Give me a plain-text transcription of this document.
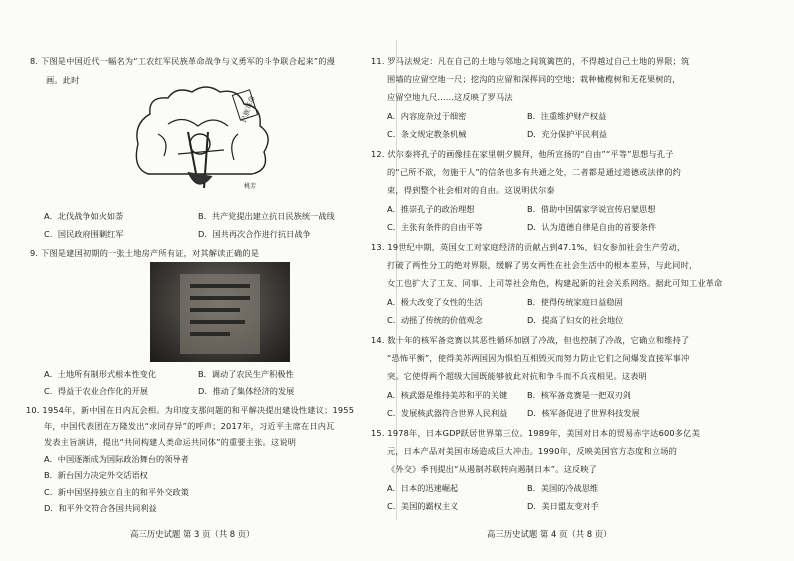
8. 下图是中国近代一幅名为“工农红军民族革命战争与义勇军的斗争联合起来”的漫
画。此时
民族革命
桃芳
A．北伐战争如火如荼	B．共产党提出建立抗日民族统一战线
C．国民政府围剿红军	D．国共再次合作进行抗日战争
9. 下图是建国初期的一张土地房产所有证，对其解读正确的是
A．土地所有制形式根本性变化	B．调动了农民生产积极性
C．得益于农业合作化的开展	D．推动了集体经济的发展
10. 1954年，新中国在日内瓦会相。为印度支那问题的和平解决提出建设性建议；1955
年，中国代表团在万隆发出“求同存异”的呼声；2017年，习近平主席在日内瓦
发表主旨演讲，提出“共同构建人类命运共同体”的重要主张。这说明
A．中国逐渐成为国际政治舞台的领导者
B．新台国力决定外交话语权
C．新中国坚持独立自主的和平外交政策
D．和平外交符合各国共同利益
高三历史试题 第 3 页（共 8 页）
11. 罗马法规定：凡在自己的土地与邻地之间筑篱笆的，不得越过自己土地的界限；筑
围墙的应留空地一尺；挖沟的应留和深挥同的空地；栽种橄榄树和无花果树的，
应留空地九尺……这反映了罗马法
A．内容庞杂过于细密	B．注重维护财产权益
C．条文规定教条机械	D．充分保护平民利益
12. 伏尔泰将孔子的画像挂在家里朝夕膜拜，他所宣扬的“自由”“平等”思想与孔子
的“己所不欲，勿施于人”的信条也多有共通之处，二者都是通过道德或法律的约
束，得到整个社会相对的自由。这说明伏尔泰
A．推崇孔子的政治理想	B．借助中国儒家学说宣传启蒙思想
C．主张有条件的自由平等	D．认为道德自律是自由的首要条件
13. 19世纪中期，英国女工对家庭经济的贡献占到47.1%，妇女参加社会生产劳动，
打破了两性分工的绝对界限，缓解了男女两性在社会生活中的根本差异，与此同时，
女工也扩大了工友、同事、上司等社会角色，构建起新的社会关系网络。据此可知工业革命
A．极大改变了女性的生活	B．使得传统家庭日益稳固
C．动摇了传统的价值观念	D．提高了妇女的社会地位
14. 数十年的核军备竞赛以其恶性循环加剧了冷战，但也控制了冷战，它确立和维持了
“恐怖平衡”，使得美苏两国因为惧怕互相毁灭而努力防止它们之间爆发直接军事冲
突。它使得两个超级大国既能够彼此对抗和争斗而不兵戎相见。这表明
A．核武器是维持美苏和平的关键 B．核军备竞赛是一把双刃剑
C．发展核武器符合世界人民利益 D．核军备促进了世界科技发展
15. 1978年，日本GDP跃居世界第三位。1989年，美国对日本的贸易赤字达600多亿美
元，日本产品对美国市场造成巨大冲击。1990年，反映美国官方态度和立场的
《外交》季刊提出“从遏制苏联转向遏制日本”。这反映了
A．日本的迅速崛起	B．美国的冷战思维
C．美国的霸权主义	D．美日盟友变对手
高三历史试题 第 4 页（共 8 页）
